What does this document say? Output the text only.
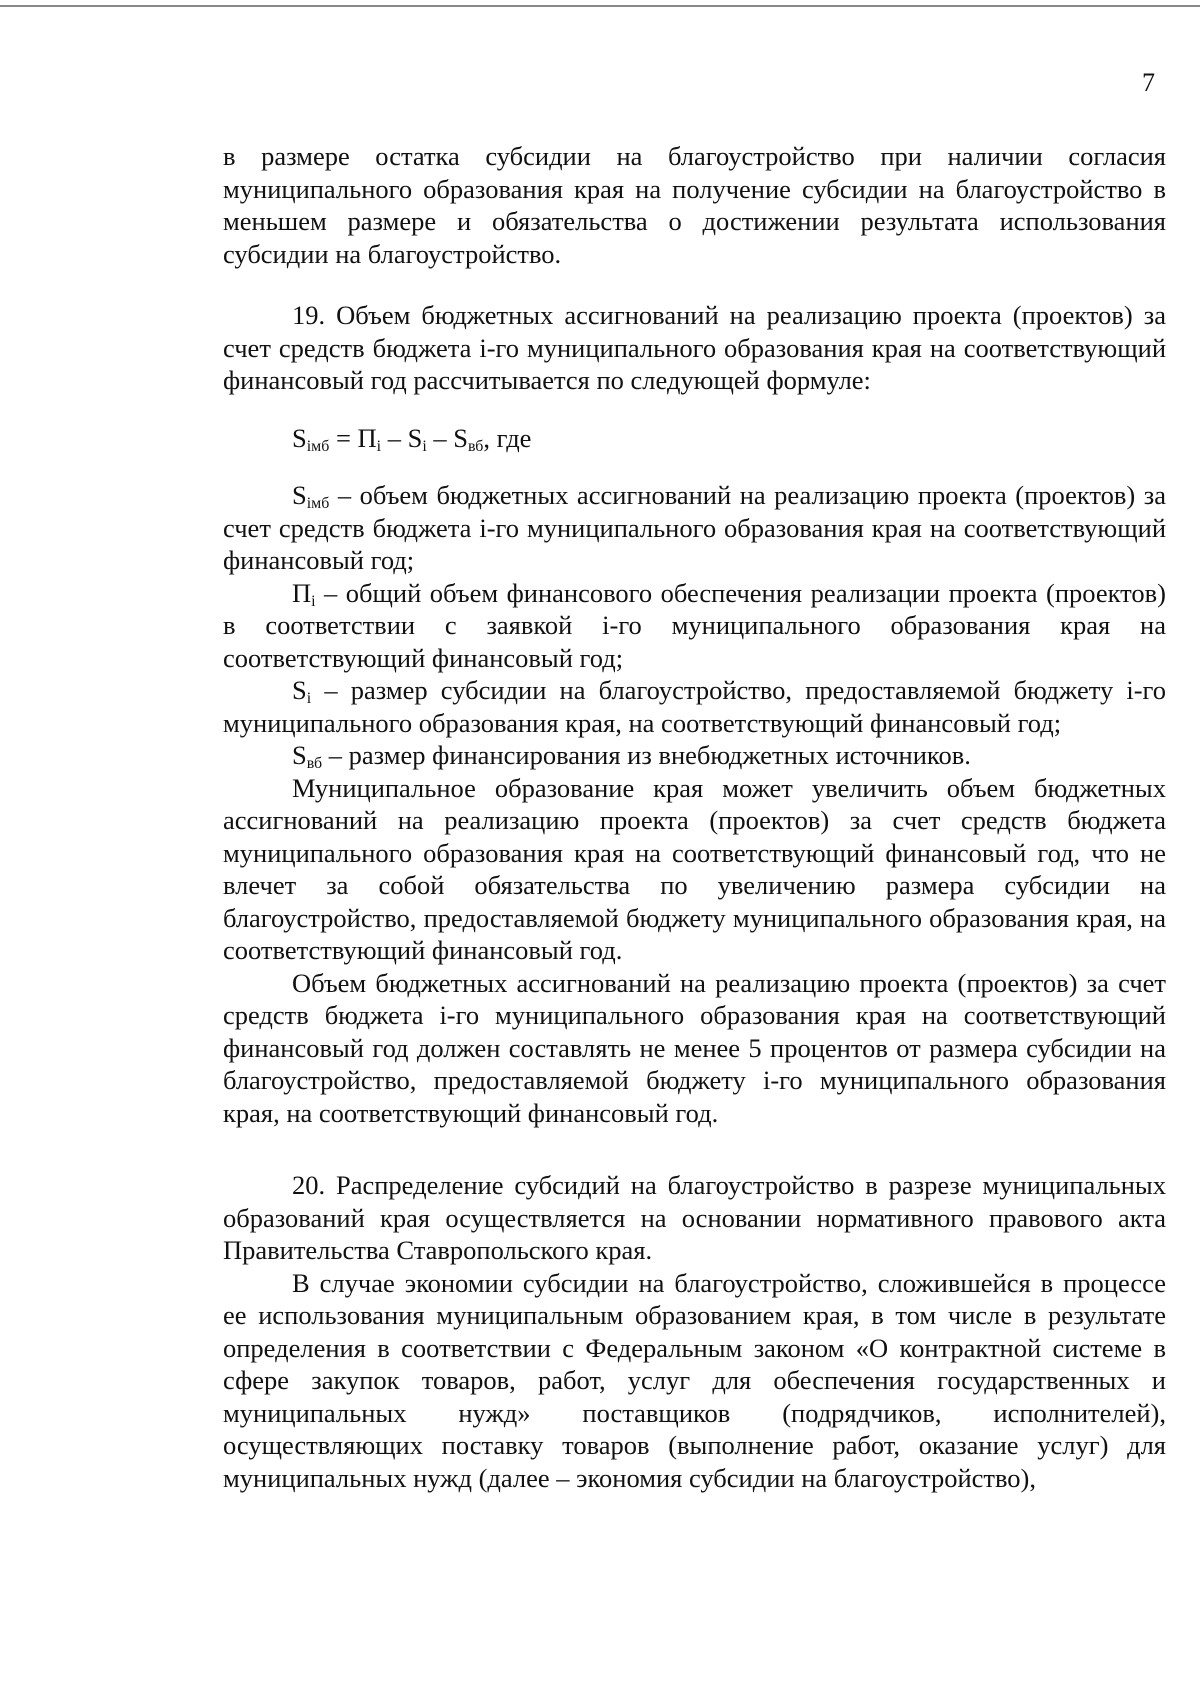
7

в размере остатка субсидии на благоустройство при наличии согласия муниципального образования края на получение субсидии на благоустройство в меньшем размере и обязательства о достижении результата использования субсидии на благоустройство.

19. Объем бюджетных ассигнований на реализацию проекта (проектов) за счет средств бюджета i-го муниципального образования края на соответствующий финансовый год рассчитывается по следующей формуле:

$S_{iмб} = П_i - S_i - S_{вб}$, где

$S_{iмб}$ – объем бюджетных ассигнований на реализацию проекта (проектов) за счет средств бюджета i-го муниципального образования края на соответствующий финансовый год;

$П_i$ – общий объем финансового обеспечения реализации проекта (проектов) в соответствии с заявкой i-го муниципального образования края на соответствующий финансовый год;

$S_i$ – размер субсидии на благоустройство, предоставляемой бюджету i-го муниципального образования края, на соответствующий финансовый год;

$S_{вб}$ – размер финансирования из внебюджетных источников.

Муниципальное образование края может увеличить объем бюджетных ассигнований на реализацию проекта (проектов) за счет средств бюджета муниципального образования края на соответствующий финансовый год, что не влечет за собой обязательства по увеличению размера субсидии на благоустройство, предоставляемой бюджету муниципального образования края, на соответствующий финансовый год.

Объем бюджетных ассигнований на реализацию проекта (проектов) за счет средств бюджета i-го муниципального образования края на соответствующий финансовый год должен составлять не менее 5 процентов от размера субсидии на благоустройство, предоставляемой бюджету i-го муниципального образования края, на соответствующий финансовый год.

20. Распределение субсидий на благоустройство в разрезе муниципальных образований края осуществляется на основании нормативного правового акта Правительства Ставропольского края.

В случае экономии субсидии на благоустройство, сложившейся в процессе ее использования муниципальным образованием края, в том числе в результате определения в соответствии с Федеральным законом «О контрактной системе в сфере закупок товаров, работ, услуг для обеспечения государственных и муниципальных нужд» поставщиков (подрядчиков, исполнителей), осуществляющих поставку товаров (выполнение работ, оказание услуг) для муниципальных нужд (далее – экономия субсидии на благоустройство),
